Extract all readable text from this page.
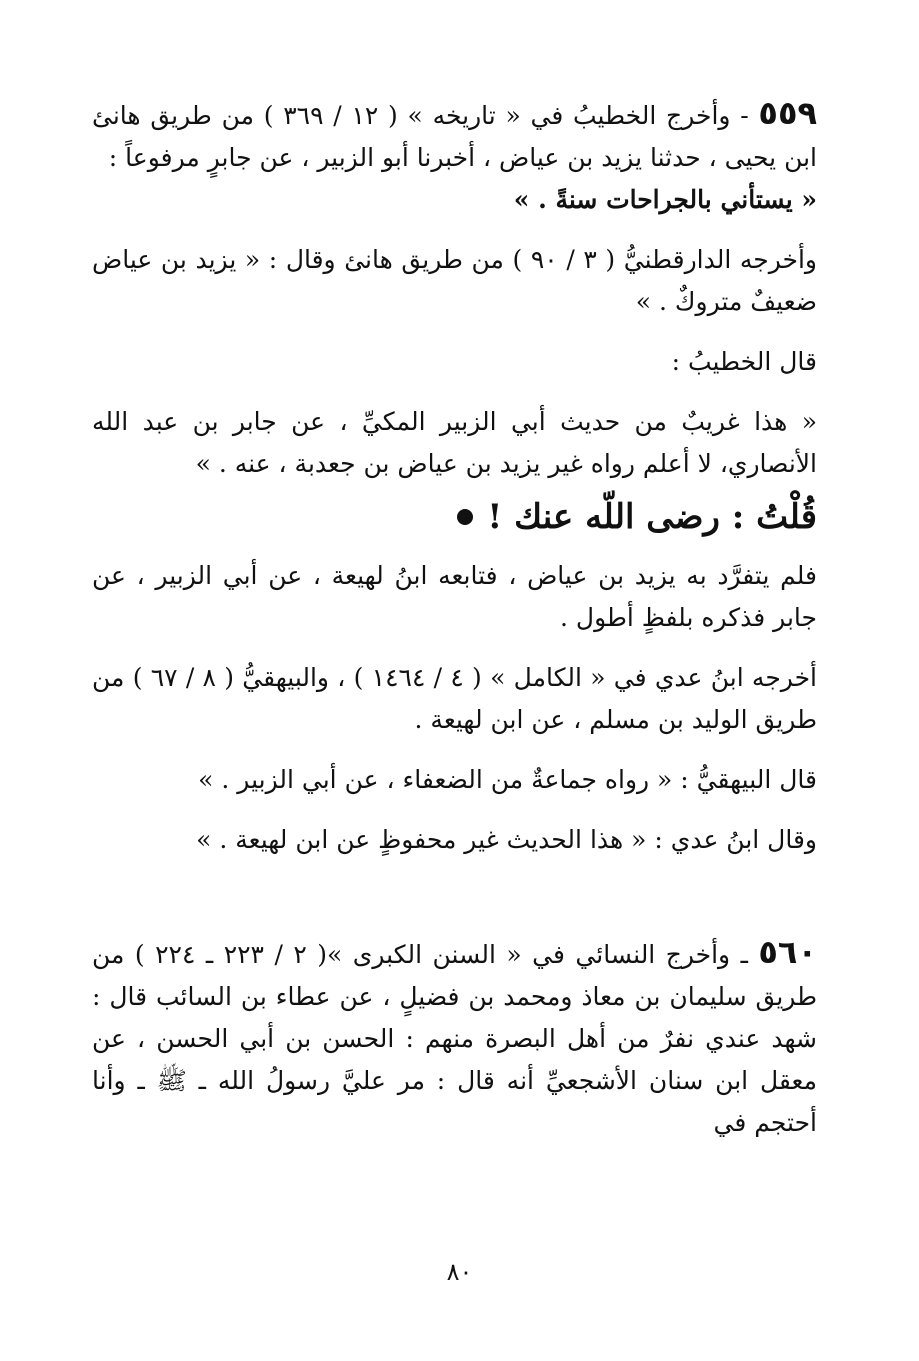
٥٥٩ - وأخرج الخطيبُ في « تاريخه » ( ١٢ / ٣٦٩ ) من طريق هانئ ابن يحيى ، حدثنا يزيد بن عياض ، أخبرنا أبو الزبير ، عن جابرٍ مرفوعاً :
« يستأني بالجراحات سنةً . »

وأخرجه الدارقطنيُّ ( ٣ / ٩٠ ) من طريق هانئ وقال : « يزيد بن عياض ضعيفٌ متروكٌ . »

قال الخطيبُ :

« هذا غريبٌ من حديث أبي الزبير المكيِّ ، عن جابر بن عبد الله الأنصاري، لا أعلم رواه غير يزيد بن عياض بن جعدبة ، عنه . »

قُلْتُ : رضى اللّه عنك !

فلم يتفرَّد به يزيد بن عياض ، فتابعه ابنُ لهيعة ، عن أبي الزبير ، عن جابر فذكره بلفظٍ أطول .

أخرجه ابنُ عدي في « الكامل » ( ٤ / ١٤٦٤ ) ، والبيهقيُّ ( ٨ / ٦٧ ) من طريق الوليد بن مسلم ، عن ابن لهيعة .

قال البيهقيُّ : « رواه جماعةٌ من الضعفاء ، عن أبي الزبير . »

وقال ابنُ عدي : « هذا الحديث غير محفوظٍ عن ابن لهيعة . »

٥٦٠ ـ وأخرج النسائي في « السنن الكبرى »( ٢ / ٢٢٣ ـ ٢٢٤ ) من طريق سليمان بن معاذ ومحمد بن فضيلٍ ، عن عطاء بن السائب قال : شهد عندي نفرٌ من أهل البصرة منهم : الحسن بن أبي الحسن ، عن معقل ابن سنان الأشجعيِّ أنه قال : مر عليَّ رسولُ الله ـ ﷺ ـ وأنا أحتجم في

٨٠
